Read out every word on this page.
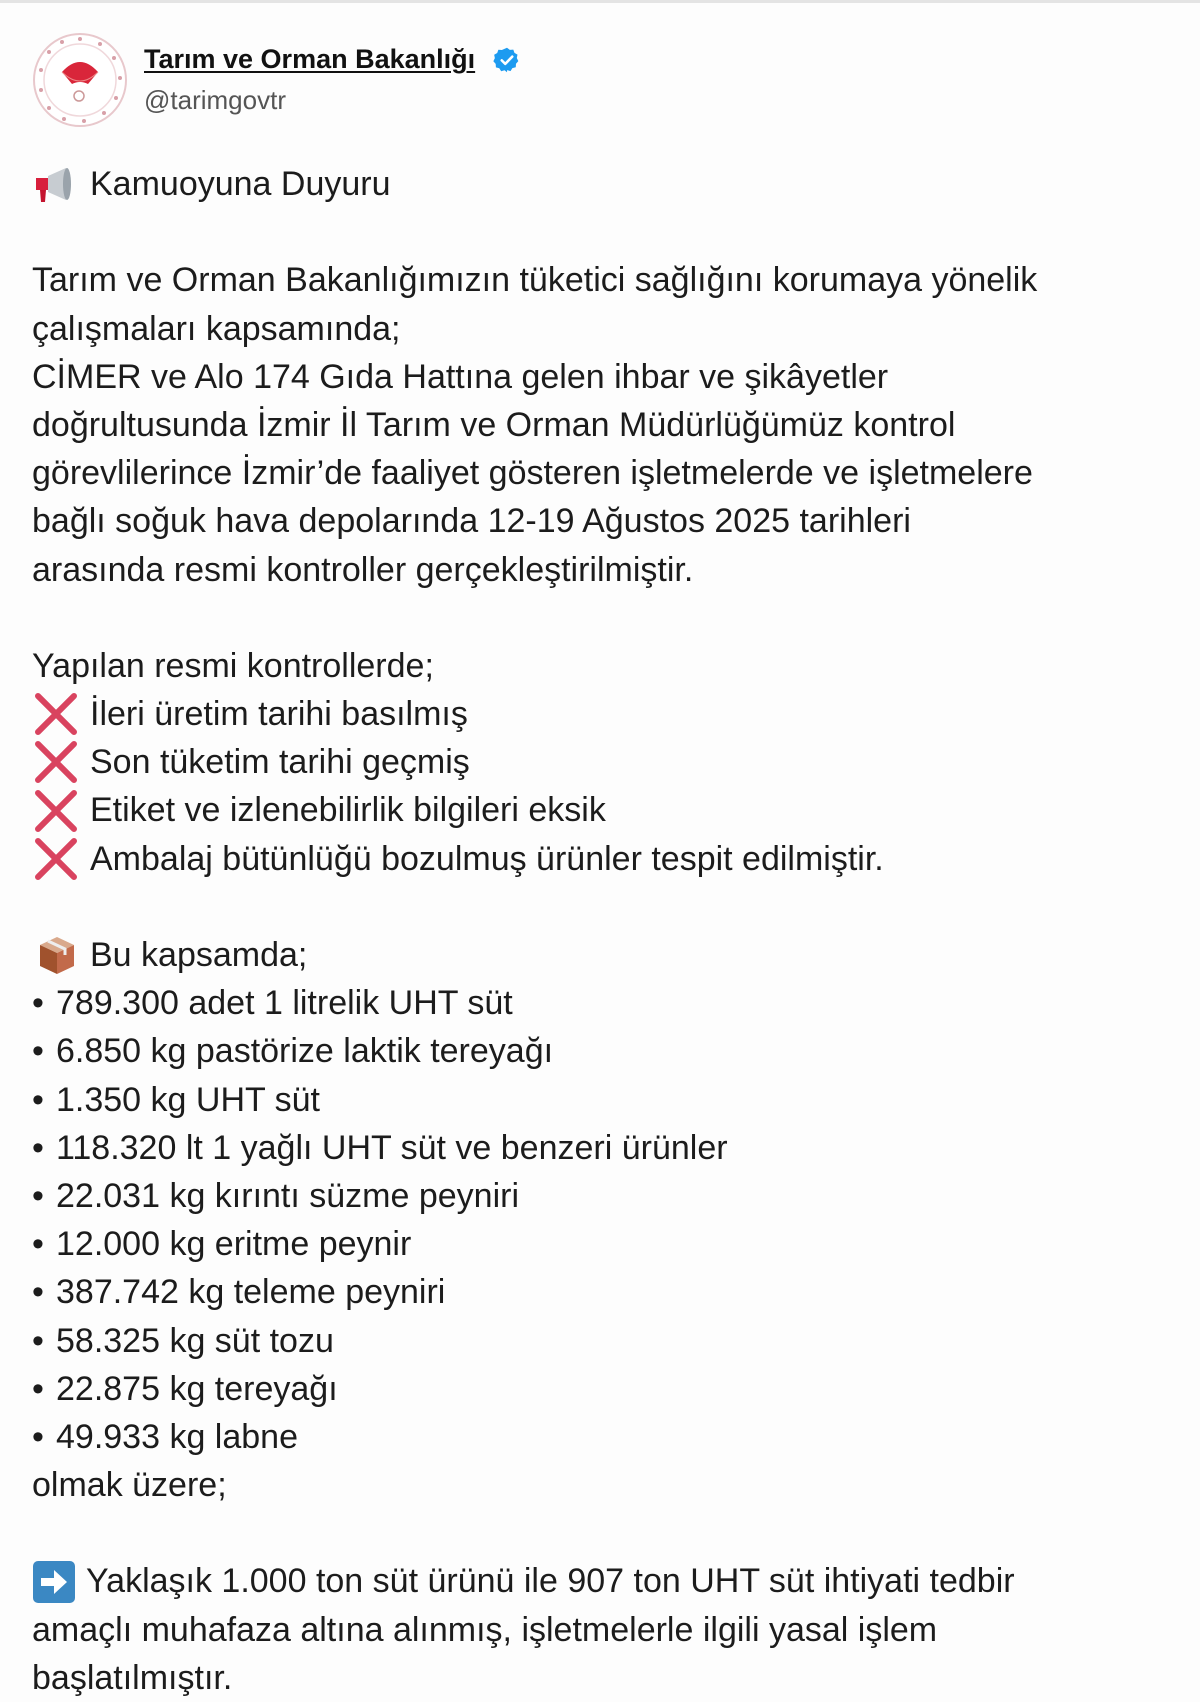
Tarım ve Orman Bakanlığı
@tarimgovtr
Kamuoyuna Duyuru
Tarım ve Orman Bakanlığımızın tüketici sağlığını korumaya yönelik
çalışmaları kapsamında;
CİMER ve Alo 174 Gıda Hattına gelen ihbar ve şikâyetler
doğrultusunda İzmir İl Tarım ve Orman Müdürlüğümüz kontrol
görevlilerince İzmir’de faaliyet gösteren işletmelerde ve işletmelere
bağlı soğuk hava depolarında 12-19 Ağustos 2025 tarihleri
arasında resmi kontroller gerçekleştirilmiştir.
Yapılan resmi kontrollerde;
İleri üretim tarihi basılmış
Son tüketim tarihi geçmiş
Etiket ve izlenebilirlik bilgileri eksik
Ambalaj bütünlüğü bozulmuş ürünler tespit edilmiştir.
Bu kapsamda;
• 789.300 adet 1 litrelik UHT süt
• 6.850 kg pastörize laktik tereyağı
• 1.350 kg UHT süt
• 118.320 lt 1 yağlı UHT süt ve benzeri ürünler
• 22.031 kg kırıntı süzme peyniri
• 12.000 kg eritme peynir
• 387.742 kg teleme peyniri
• 58.325 kg süt tozu
• 22.875 kg tereyağı
• 49.933 kg labne
olmak üzere;
Yaklaşık 1.000 ton süt ürünü ile 907 ton UHT süt ihtiyati tedbir
amaçlı muhafaza altına alınmış, işletmelerle ilgili yasal işlem
başlatılmıştır.
